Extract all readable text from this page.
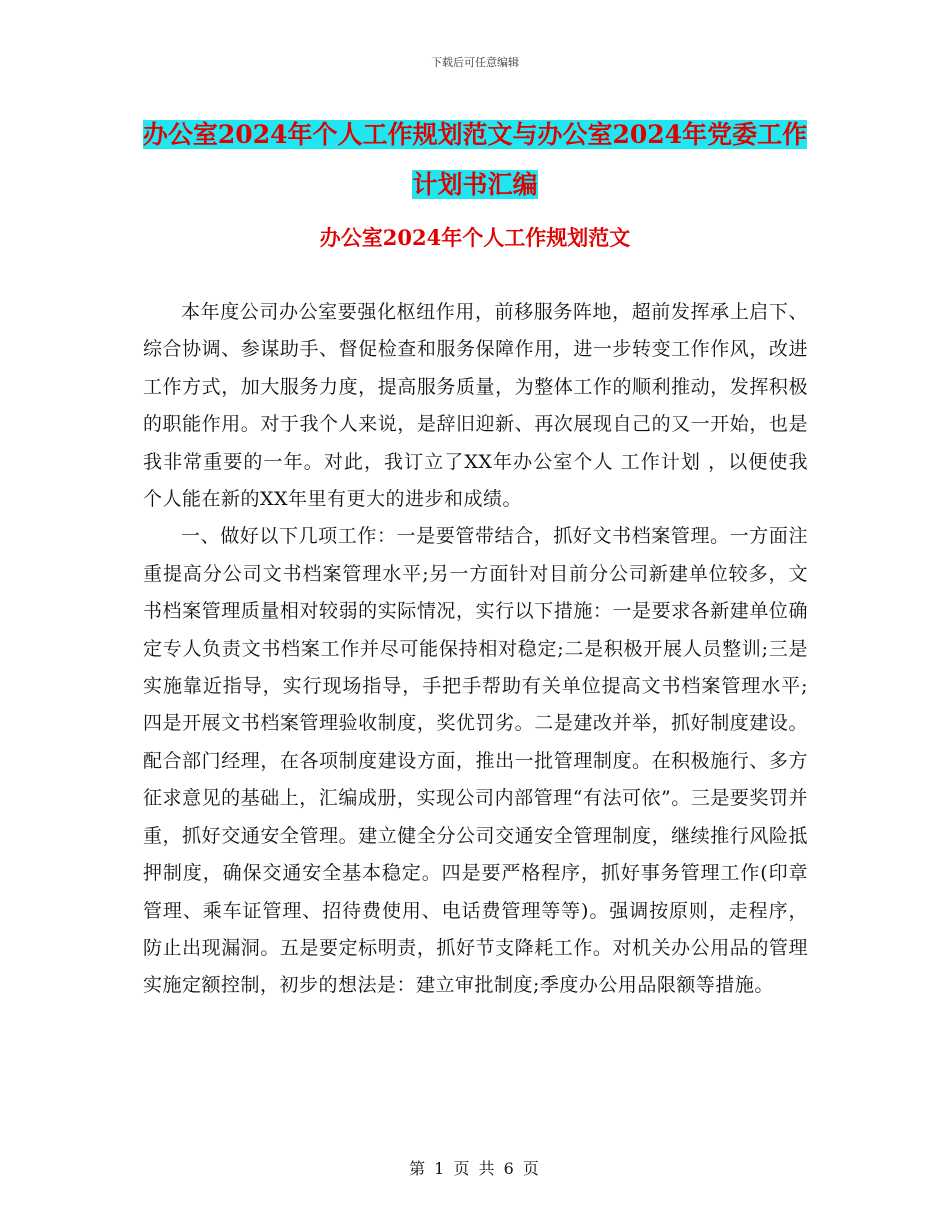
下载后可任意编辑
办公室2024年个人工作规划范文与办公室2024年党委工作计划书汇编
办公室2024年个人工作规划范文

本年度公司办公室要强化枢纽作用，前移服务阵地，超前发挥承上启下、综合协调、参谋助手、督促检查和服务保障作用，进一步转变工作作风，改进工作方式，加大服务力度，提高服务质量，为整体工作的顺利推动，发挥积极的职能作用。对于我个人来说，是辞旧迎新、再次展现自己的又一开始，也是我非常重要的一年。对此，我订立了XX年办公室个人 工作计划 ，以便使我个人能在新的XX年里有更大的进步和成绩。

一、做好以下几项工作：一是要管带结合，抓好文书档案管理。一方面注重提高分公司文书档案管理水平;另一方面针对目前分公司新建单位较多，文书档案管理质量相对较弱的实际情况，实行以下措施：一是要求各新建单位确定专人负责文书档案工作并尽可能保持相对稳定;二是积极开展人员整训;三是实施靠近指导，实行现场指导，手把手帮助有关单位提高文书档案管理水平;四是开展文书档案管理验收制度，奖优罚劣。二是建改并举，抓好制度建设。配合部门经理，在各项制度建设方面，推出一批管理制度。在积极施行、多方征求意见的基础上，汇编成册，实现公司内部管理“有法可依”。三是要奖罚并重，抓好交通安全管理。建立健全分公司交通安全管理制度，继续推行风险抵押制度，确保交通安全基本稳定。四是要严格程序，抓好事务管理工作(印章管理、乘车证管理、招待费使用、电话费管理等等)。强调按原则，走程序，防止出现漏洞。五是要定标明责，抓好节支降耗工作。对机关办公用品的管理实施定额控制，初步的想法是：建立审批制度;季度办公用品限额等措施。

第 1 页 共 6 页
